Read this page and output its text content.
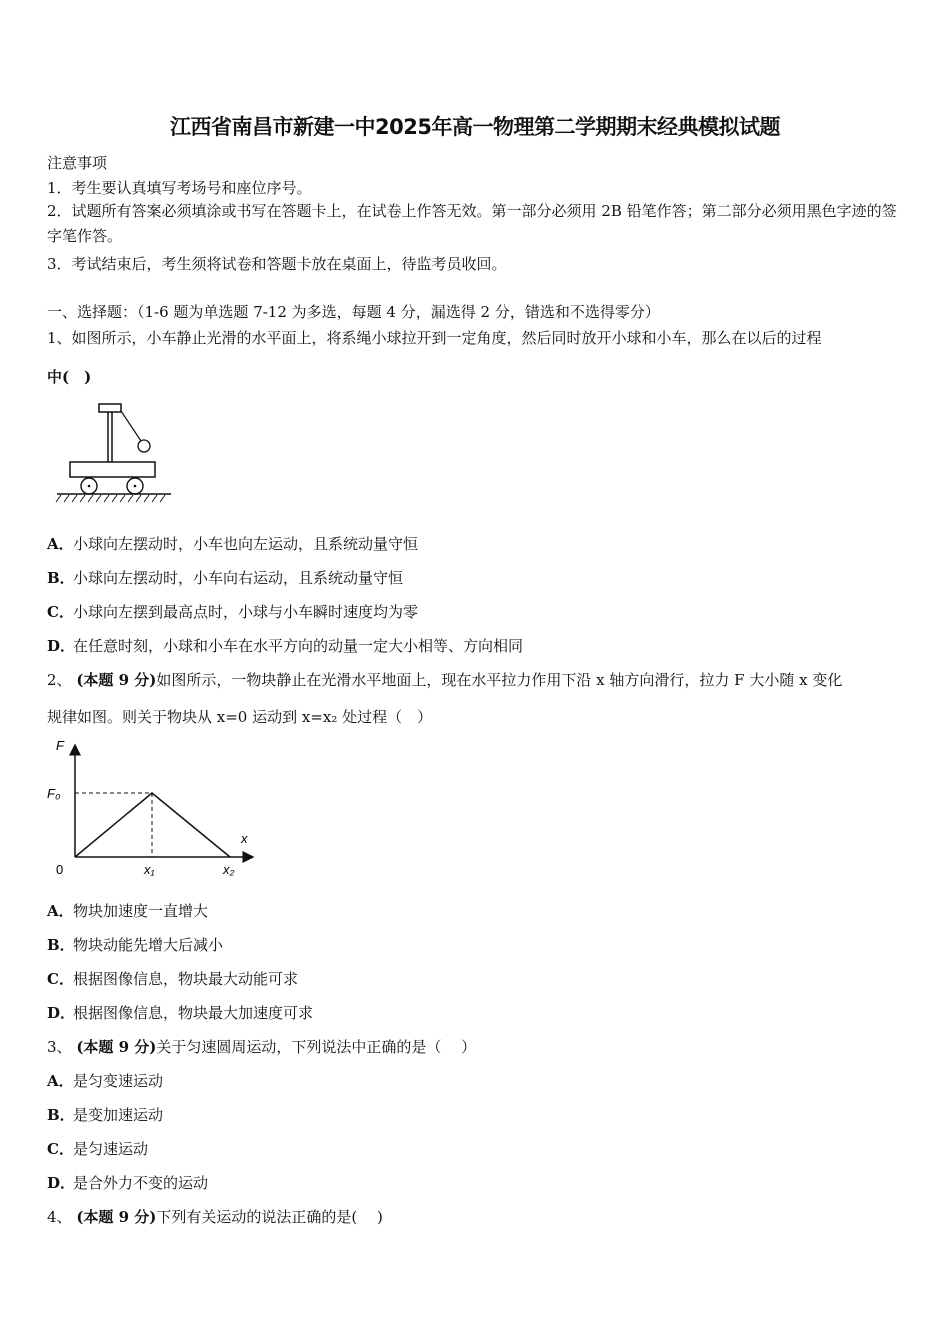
江西省南昌市新建一中2025年高一物理第二学期期末经典模拟试题
注意事项
1．考生要认真填写考场号和座位序号。
2．试题所有答案必须填涂或书写在答题卡上，在试卷上作答无效。第一部分必须用 2B 铅笔作答；第二部分必须用黑色字迹的签字笔作答。
3．考试结束后，考生须将试卷和答题卡放在桌面上，待监考员收回。
一、选择题：（1-6 题为单选题 7-12 为多选，每题 4 分，漏选得 2 分，错选和不选得零分）
1、如图所示，小车静止光滑的水平面上，将系绳小球拉开到一定角度，然后同时放开小球和小车，那么在以后的过程
中(　)
A．小球向左摆动时，小车也向左运动，且系统动量守恒
B．小球向左摆动时，小车向右运动，且系统动量守恒
C．小球向左摆到最高点时，小球与小车瞬时速度均为零
D．在任意时刻，小球和小车在水平方向的动量一定大小相等、方向相同
2、 (本题 9 分)如图所示，一物块静止在光滑水平地面上，现在水平拉力作用下沿 x 轴方向滑行，拉力 F 大小随 x 变化
规律如图。则关于物块从 x=0 运动到 x=x₂ 处过程（　）
F
F₀
x
0	x₁	x₂
A．物块加速度一直增大
B．物块动能先增大后减小
C．根据图像信息，物块最大动能可求
D．根据图像信息，物块最大加速度可求
3、 (本题 9 分)关于匀速圆周运动，下列说法中正确的是（　 ）
A．是匀变速运动
B．是变加速运动
C．是匀速运动
D．是合外力不变的运动
4、 (本题 9 分)下列有关运动的说法正确的是(　 )
